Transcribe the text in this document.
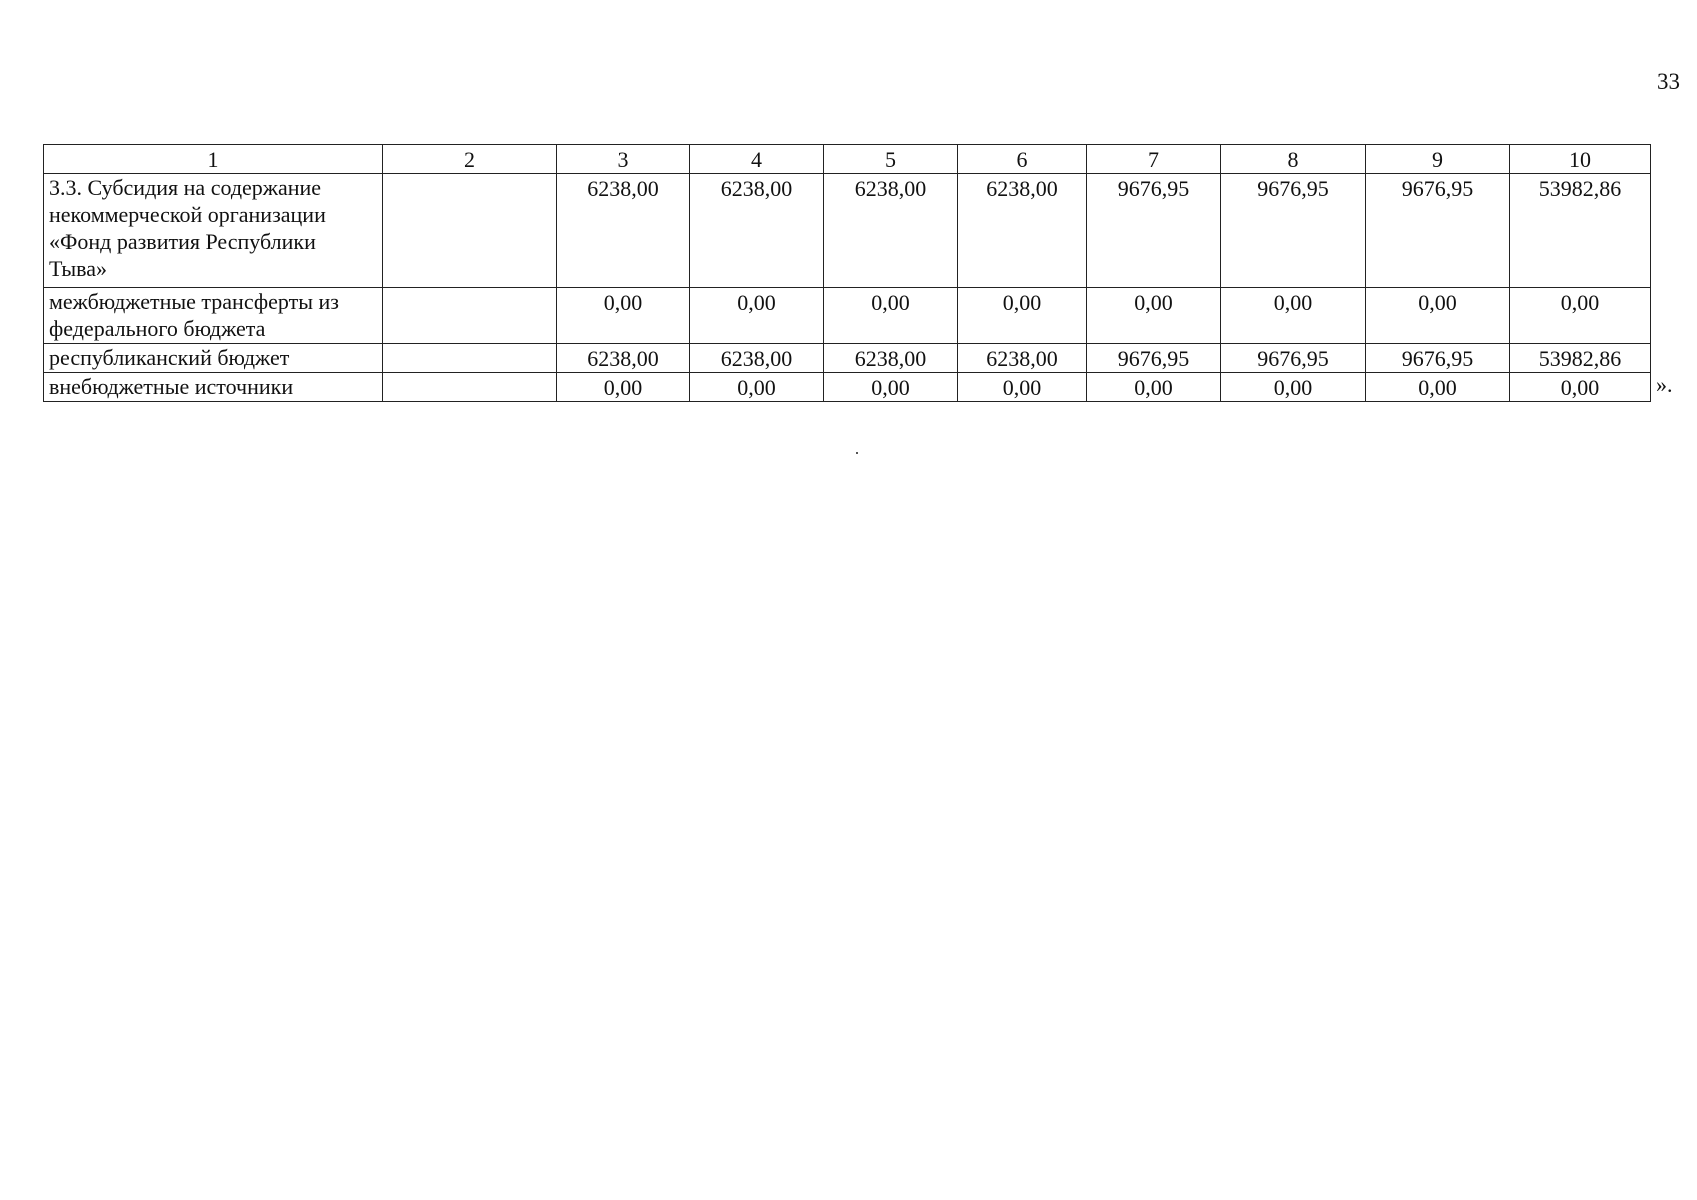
33
1	2	3	4	5	6	7	8	9	10
3.3. Субсидия на содержание некоммерческой организации «Фонд развития Республики Тыва»		6238,00	6238,00	6238,00	6238,00	9676,95	9676,95	9676,95	53982,86
межбюджетные трансферты из федерального бюджета		0,00	0,00	0,00	0,00	0,00	0,00	0,00	0,00
республиканский бюджет		6238,00	6238,00	6238,00	6238,00	9676,95	9676,95	9676,95	53982,86
внебюджетные источники		0,00	0,00	0,00	0,00	0,00	0,00	0,00	0,00	».
